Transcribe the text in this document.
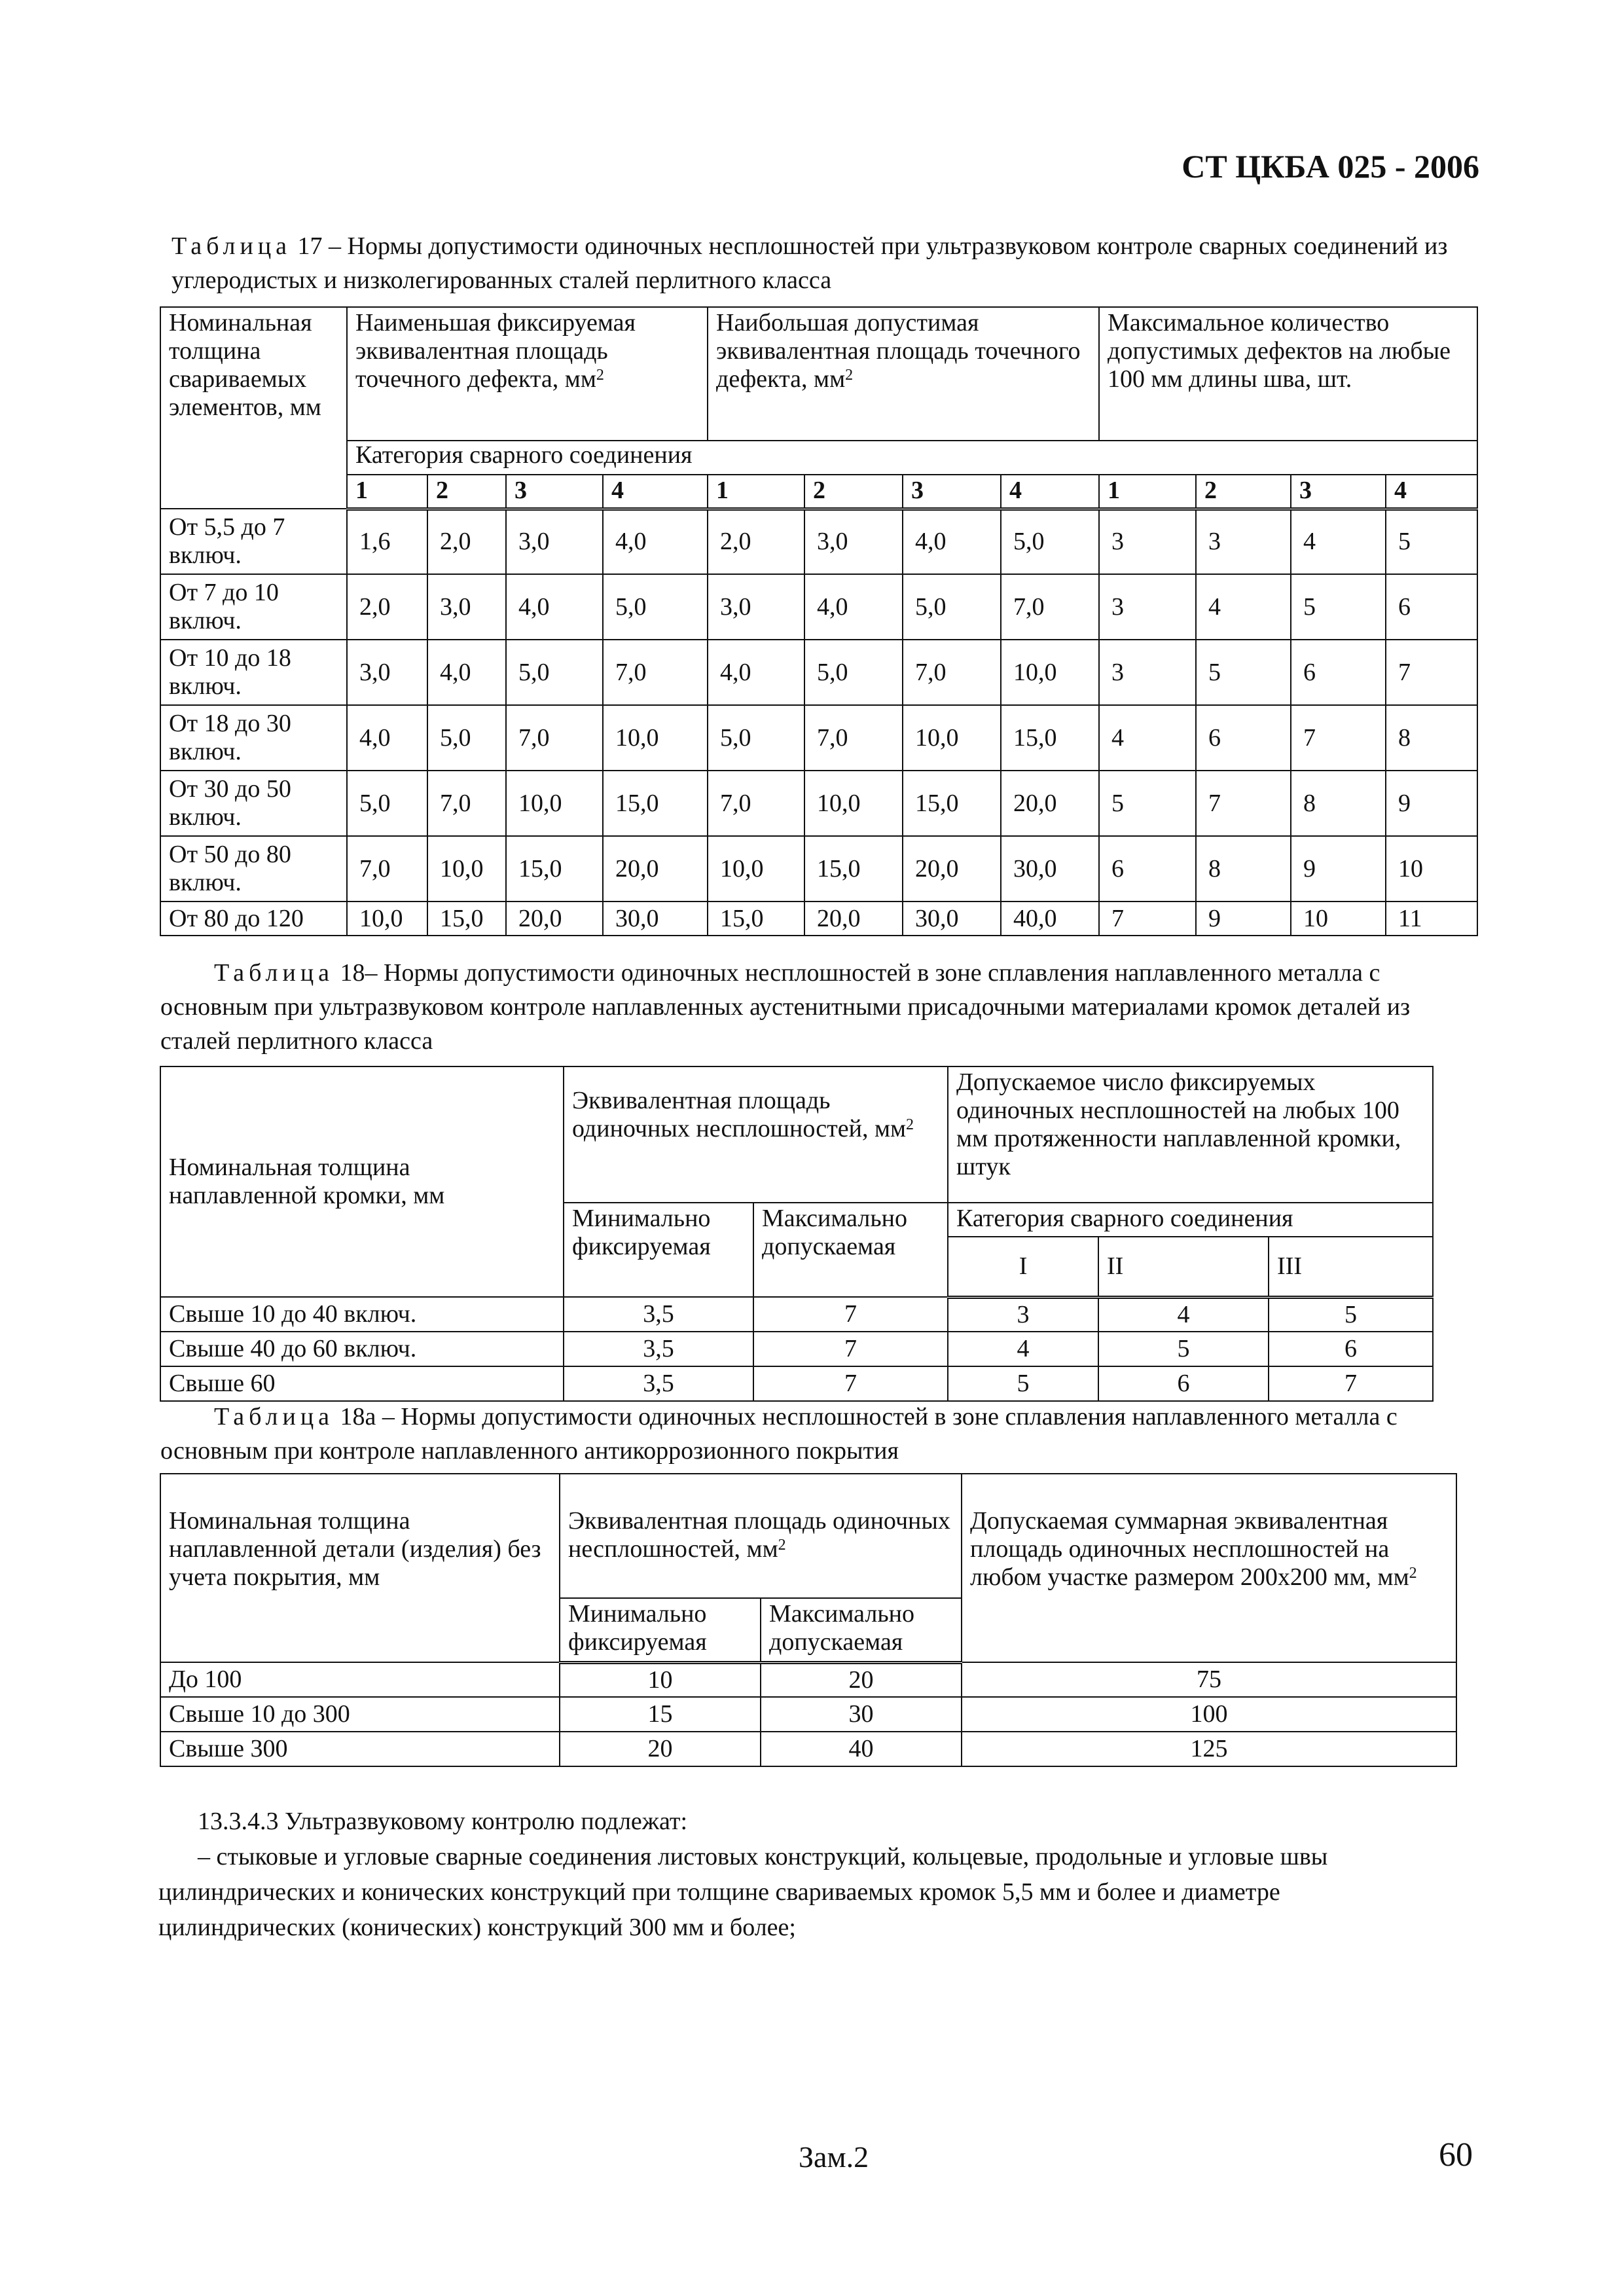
СТ ЦКБА 025 - 2006

Таблица 17 – Нормы допустимости одиночных несплошностей при ультразвуковом контроле сварных соединений из углеродистых и низколегированных сталей перлитного класса

Номинальная толщина свариваемых элементов, мм	Наименьшая фиксируемая эквивалентная площадь точечного дефекта, $мм^2$				Наибольшая допустимая эквивалентная площадь точечного дефекта, $мм^2$				Максимальное количество допустимых дефектов на любые 100 мм длины шва, шт.			
	Категория сварного соединения											
	1	2	3	4	1	2	3	4	1	2	3	4
От 5,5 до 7 включ.	1,6	2,0	3,0	4,0	2,0	3,0	4,0	5,0	3	3	4	5
От 7 до 10 включ.	2,0	3,0	4,0	5,0	3,0	4,0	5,0	7,0	3	4	5	6
От 10 до 18 включ.	3,0	4,0	5,0	7,0	4,0	5,0	7,0	10,0	3	5	6	7
От 18 до 30 включ.	4,0	5,0	7,0	10,0	5,0	7,0	10,0	15,0	4	6	7	8
От 30 до 50 включ.	5,0	7,0	10,0	15,0	7,0	10,0	15,0	20,0	5	7	8	9
От 50 до 80 включ.	7,0	10,0	15,0	20,0	10,0	15,0	20,0	30,0	6	8	9	10
От 80 до 120	10,0	15,0	20,0	30,0	15,0	20,0	30,0	40,0	7	9	10	11

Таблица 18– Нормы допустимости одиночных несплошностей в зоне сплавления наплавленного металла с основным при ультразвуковом контроле наплавленных аустенитными присадочными материалами кромок деталей из сталей перлитного класса

Номинальная толщина наплавленной кромки, мм	Эквивалентная площадь одиночных несплошностей, $мм^2$		Допускаемое число фиксируемых одиночных несплошностей на любых 100 мм протяженности наплавленной кромки, штук		
	Минимально фиксируемая	Максимально допускаемая	Категория сварного соединения		
			I	II	III
Свыше 10 до 40 включ.	3,5	7	3	4	5
Свыше 40 до 60 включ.	3,5	7	4	5	6
Свыше 60	3,5	7	5	6	7

Таблица 18а – Нормы допустимости одиночных несплошностей в зоне сплавления наплавленного металла с основным при контроле наплавленного антикоррозионного покрытия

Номинальная толщина наплавленной детали (изделия) без учета покрытия, мм	Эквивалентная площадь одиночных несплошностей, $мм^2$		Допускаемая суммарная эквивалентная площадь одиночных несплошностей на любом участке размером 200х200 мм, $мм^2$
	Минимально фиксируемая	Максимально допускаемая	
До 100	10	20	75
Свыше 10 до 300	15	30	100
Свыше 300	20	40	125

13.3.4.3 Ультразвуковому контролю подлежат:

– стыковые и угловые сварные соединения листовых конструкций, кольцевые, продольные и угловые швы цилиндрических и конических конструкций при толщине свариваемых кромок 5,5 мм и более и диаметре цилиндрических (конических) конструкций 300 мм и более;

Зам.2	60
